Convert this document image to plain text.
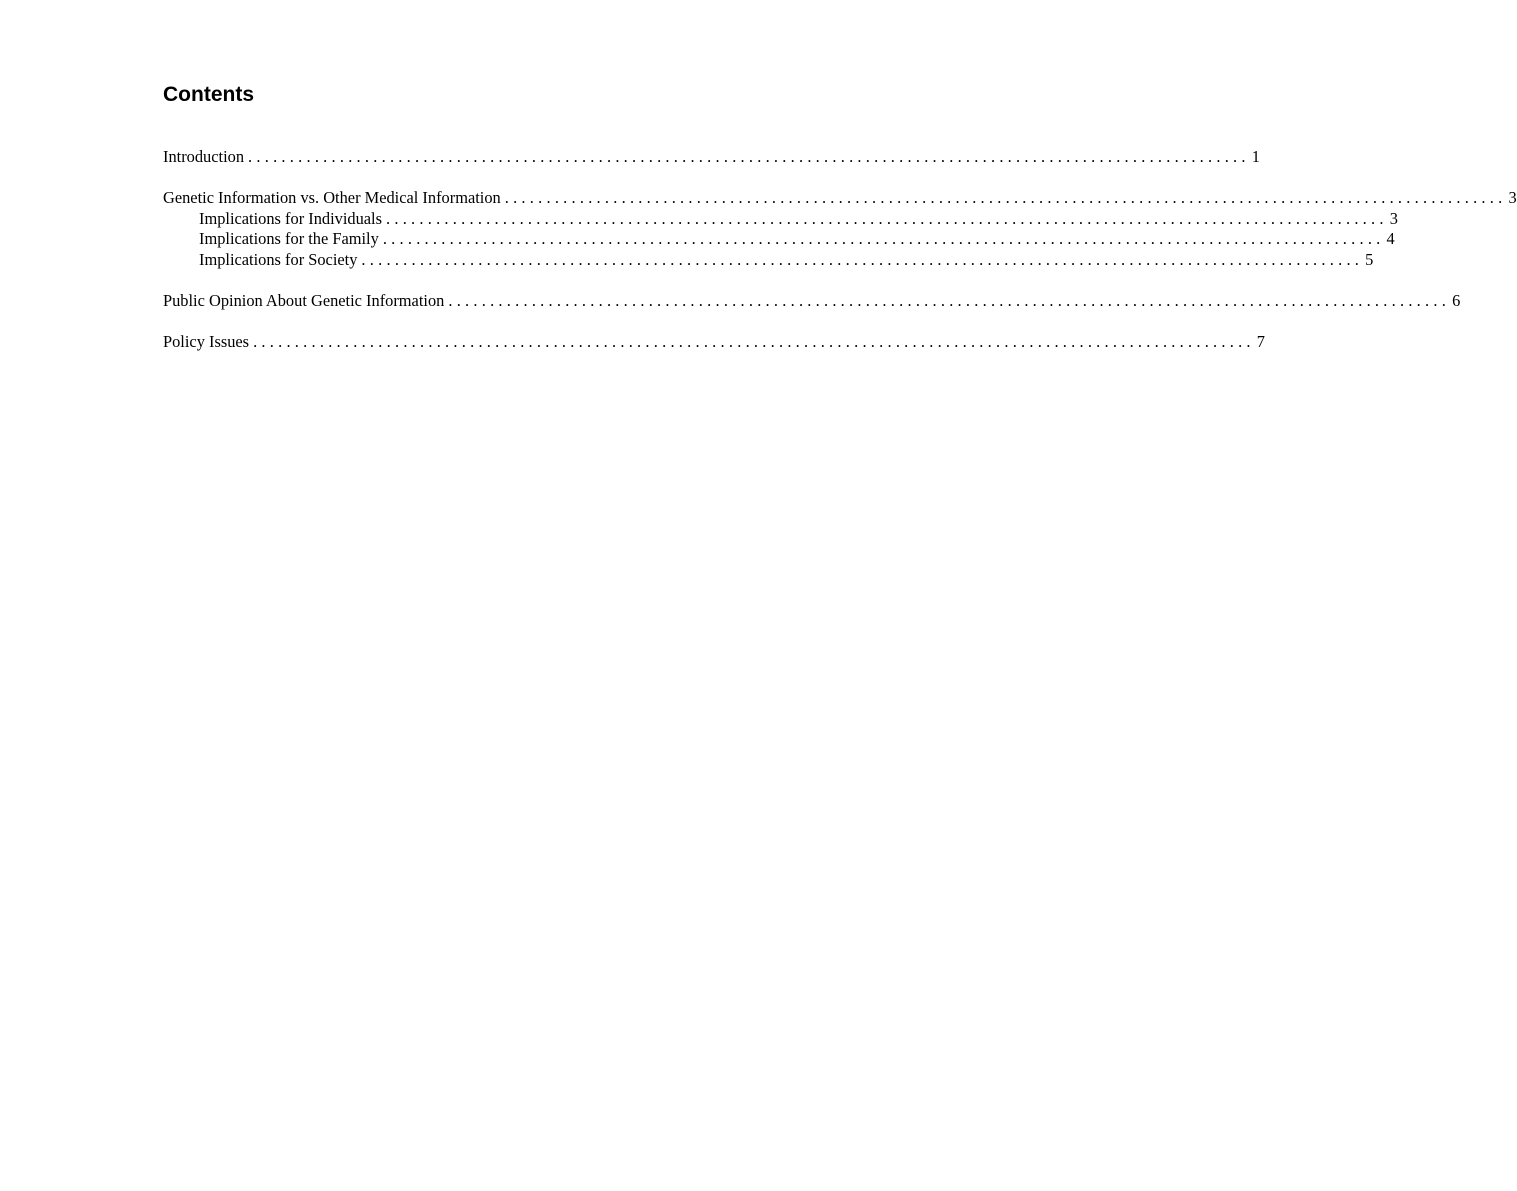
Contents
Introduction ........................................................................................................................ 1
Genetic Information vs. Other Medical Information ........................................................................................................................ 3
Implications for Individuals ........................................................................................................................ 3
Implications for the Family ........................................................................................................................ 4
Implications for Society ........................................................................................................................ 5
Public Opinion About Genetic Information ........................................................................................................................ 6
Policy Issues ........................................................................................................................ 7
